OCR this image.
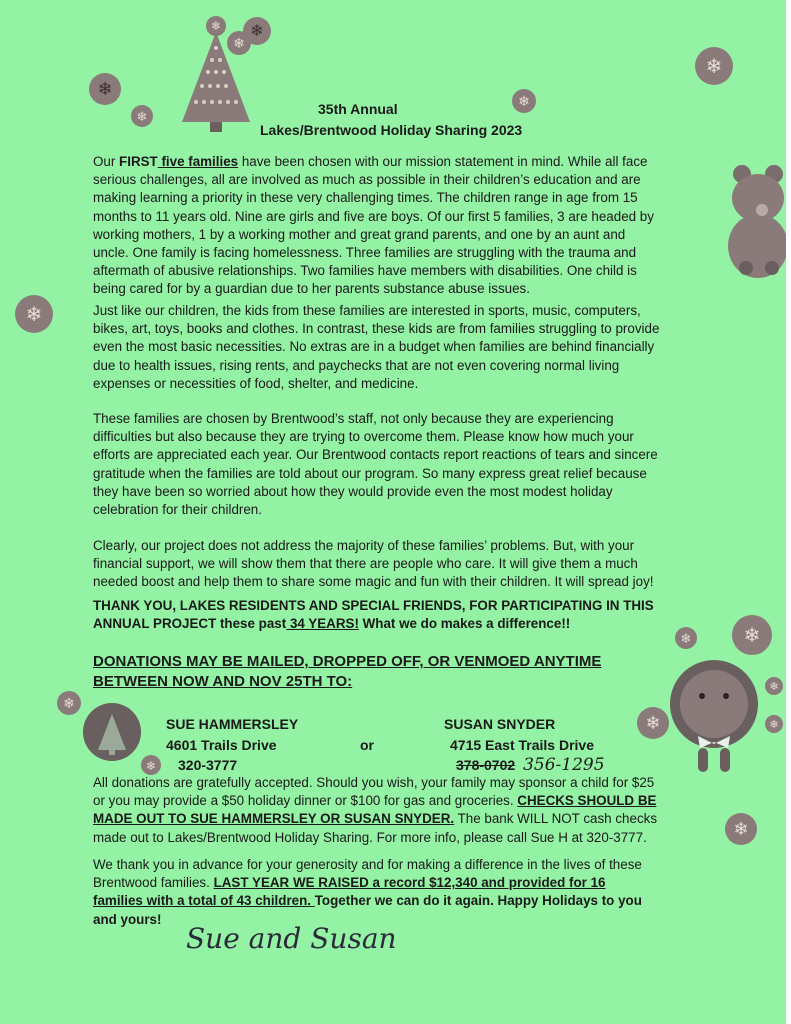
❄
❄
❄
❄
❄
❄
❄
❄
35th Annual
Lakes/Brentwood Holiday Sharing 2023
Our FIRST five families have been chosen with our mission statement in mind. While all face
serious challenges, all are involved as much as possible in their children’s education and are
making learning a priority in these very challenging times. The children range in age from 15
months to 11 years old. Nine are girls and five are boys. Of our first 5 families, 3 are headed by
working mothers, 1 by a working mother and great grand parents, and one by an aunt and
uncle. One family is facing homelessness. Three families are struggling with the trauma and
aftermath of abusive relationships. Two families have members with disabilities. One child is
being cared for by a guardian due to her parents substance abuse issues.
Just like our children, the kids from these families are interested in sports, music, computers,
bikes, art, toys, books and clothes. In contrast, these kids are from families struggling to provide
even the most basic necessities. No extras are in a budget when families are behind financially
due to health issues, rising rents, and paychecks that are not even covering normal living
expenses or necessities of food, shelter, and medicine.
These families are chosen by Brentwood’s staff, not only because they are experiencing
difficulties but also because they are trying to overcome them. Please know how much your
efforts are appreciated each year. Our Brentwood contacts report reactions of tears and sincere
gratitude when the families are told about our program. So many express great relief because
they have been so worried about how they would provide even the most modest holiday
celebration for their children.
Clearly, our project does not address the majority of these families’ problems. But, with your
financial support, we will show them that there are people who care. It will give them a much
needed boost and help them to share some magic and fun with their children. It will spread joy!
THANK YOU, LAKES RESIDENTS AND SPECIAL FRIENDS, FOR PARTICIPATING IN THIS
ANNUAL PROJECT these past 34 YEARS! What we do makes a difference!!
DONATIONS MAY BE MAILED, DROPPED OFF, OR VENMOED ANYTIME
BETWEEN NOW AND NOV 25TH TO:
❄
❄
❄
❄
❄
❄
❄
❄
SUE HAMMERSLEY
4601 Trails Drive
320-3777
or
SUSAN SNYDER
4715 East Trails Drive
378-0702 356-1295
All donations are gratefully accepted. Should you wish, your family may sponsor a child for $25
or you may provide a $50 holiday dinner or $100 for gas and groceries. CHECKS SHOULD BE
MADE OUT TO SUE HAMMERSLEY OR SUSAN SNYDER. The bank WILL NOT cash checks
made out to Lakes/Brentwood Holiday Sharing. For more info, please call Sue H at 320-3777.
We thank you in advance for your generosity and for making a difference in the lives of these
Brentwood families. LAST YEAR WE RAISED a record $12,340 and provided for 16
families with a total of 43 children. Together we can do it again. Happy Holidays to you
and yours!
Sue and Susan
